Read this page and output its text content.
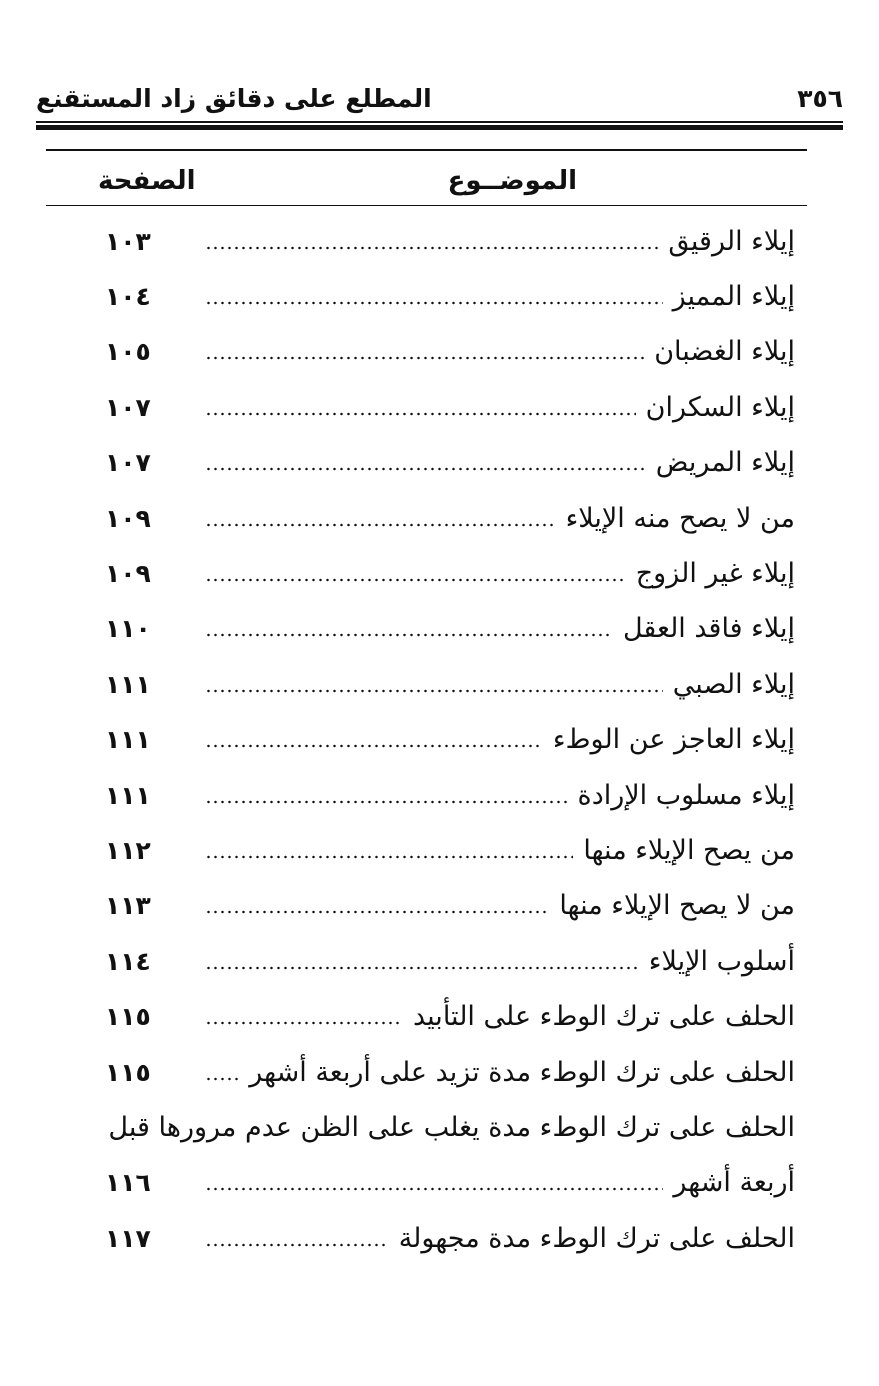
٣٥٦
المطلع على دقائق زاد المستقنع
الموضــوع
الصفحة
إيلاء الرقيق
١٠٣
إيلاء المميز
١٠٤
إيلاء الغضبان
١٠٥
إيلاء السكران
١٠٧
إيلاء المريض
١٠٧
من لا يصح منه الإيلاء
١٠٩
إيلاء غير الزوج
١٠٩
إيلاء فاقد العقل
١١٠
إيلاء الصبي
١١١
إيلاء العاجز عن الوطء
١١١
إيلاء مسلوب الإرادة
١١١
من يصح الإيلاء منها
١١٢
من لا يصح الإيلاء منها
١١٣
أسلوب الإيلاء
١١٤
الحلف على ترك الوطء على التأبيد
١١٥
الحلف على ترك الوطء مدة تزيد على أربعة أشهر
١١٥
الحلف على ترك الوطء مدة يغلب على الظن عدم مرورها قبل
أربعة أشهر
١١٦
الحلف على ترك الوطء مدة مجهولة
١١٧
